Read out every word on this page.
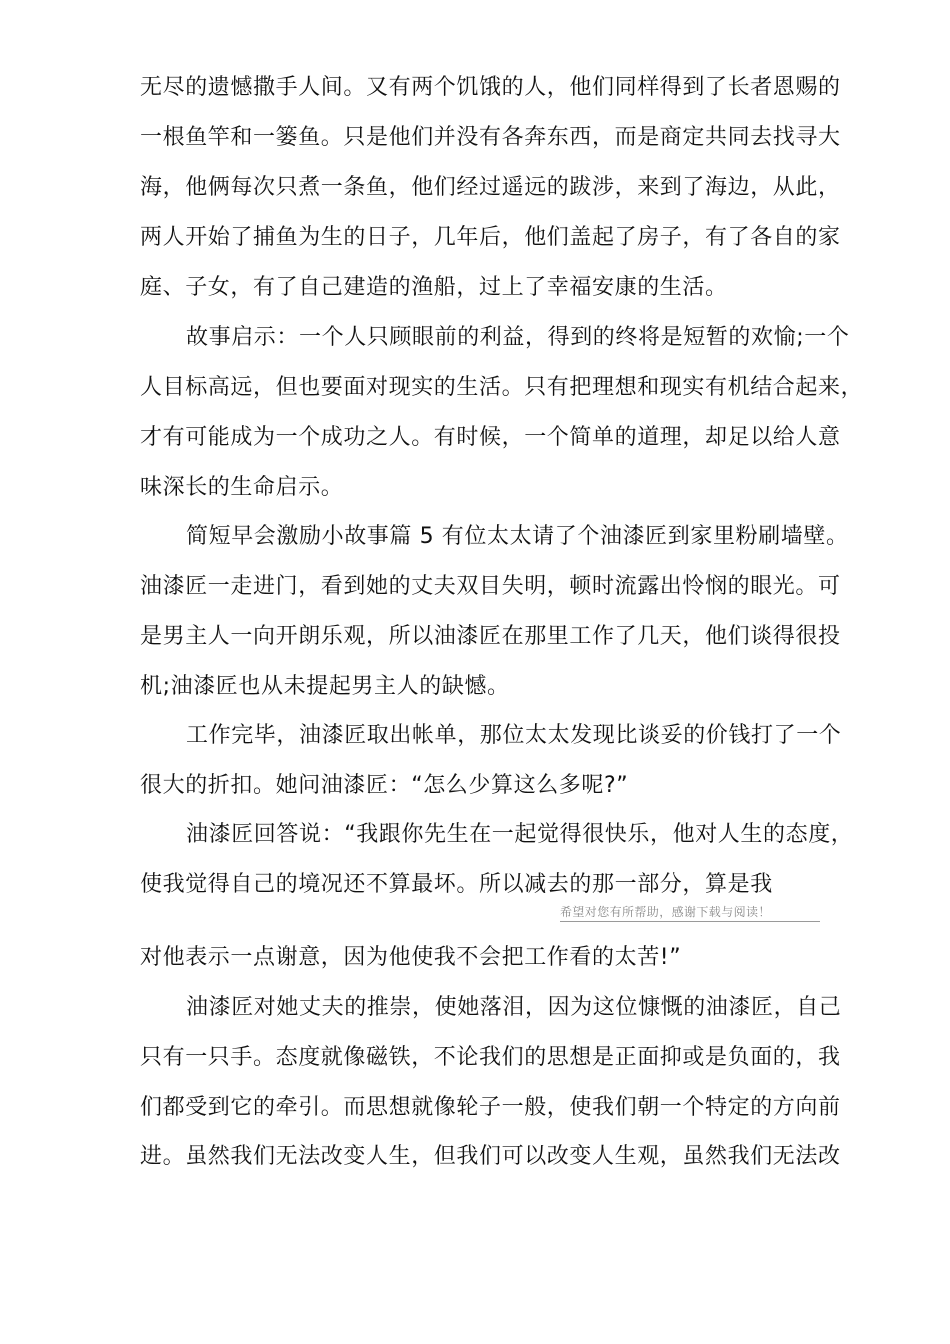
无尽的遗憾撒手人间。又有两个饥饿的人，他们同样得到了长者恩赐的
一根鱼竿和一篓鱼。只是他们并没有各奔东西，而是商定共同去找寻大
海，他俩每次只煮一条鱼，他们经过遥远的跋涉，来到了海边，从此，
两人开始了捕鱼为生的日子，几年后，他们盖起了房子，有了各自的家
庭、子女，有了自己建造的渔船，过上了幸福安康的生活。
故事启示：一个人只顾眼前的利益，得到的终将是短暂的欢愉;一个
人目标高远，但也要面对现实的生活。只有把理想和现实有机结合起来，
才有可能成为一个成功之人。有时候，一个简单的道理，却足以给人意
味深长的生命启示。
简短早会激励小故事篇 5 有位太太请了个油漆匠到家里粉刷墙壁。
油漆匠一走进门，看到她的丈夫双目失明，顿时流露出怜悯的眼光。可
是男主人一向开朗乐观，所以油漆匠在那里工作了几天，他们谈得很投
机;油漆匠也从未提起男主人的缺憾。
工作完毕，油漆匠取出帐单，那位太太发现比谈妥的价钱打了一个
很大的折扣。她问油漆匠：“怎么少算这么多呢?”
油漆匠回答说：“我跟你先生在一起觉得很快乐，他对人生的态度，
使我觉得自己的境况还不算最坏。所以减去的那一部分，算是我
希望对您有所帮助，感谢下载与阅读！
对他表示一点谢意，因为他使我不会把工作看的太苦!”
油漆匠对她丈夫的推崇，使她落泪，因为这位慷慨的油漆匠，自己
只有一只手。态度就像磁铁，不论我们的思想是正面抑或是负面的，我
们都受到它的牵引。而思想就像轮子一般，使我们朝一个特定的方向前
进。虽然我们无法改变人生，但我们可以改变人生观，虽然我们无法改
